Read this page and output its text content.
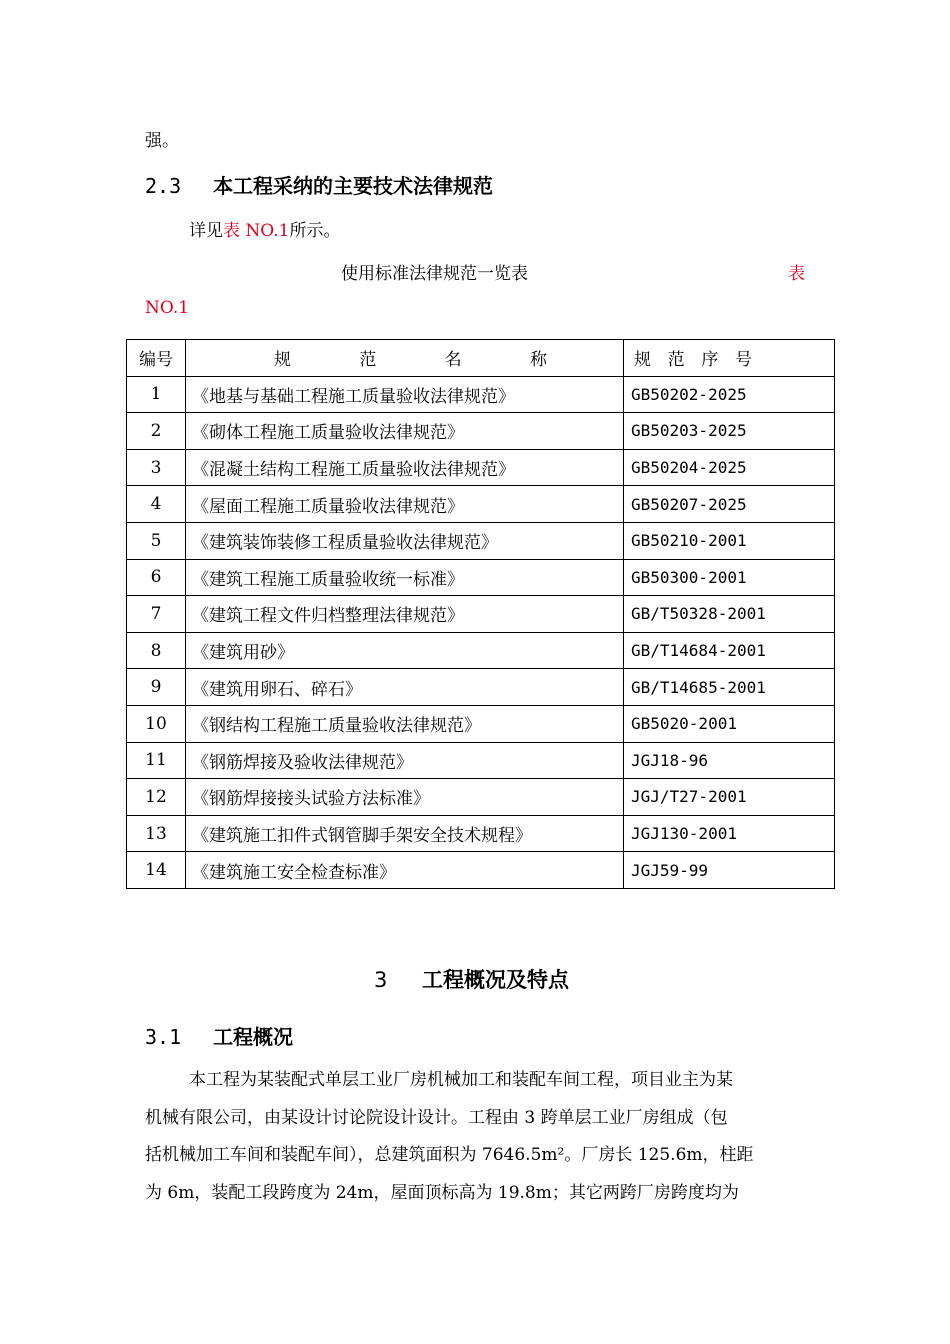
强。
2.3 本工程采纳的主要技术法律规范
详见表 NO.1所示。
使用标准法律规范一览表	表
NO.1
编号	规 范 名 称	规 范 序 号

1	《地基与基础工程施工质量验收法律规范》	GB50202-2025
2	《砌体工程施工质量验收法律规范》	GB50203-2025
3	《混凝土结构工程施工质量验收法律规范》	GB50204-2025
4	《屋面工程施工质量验收法律规范》	GB50207-2025
5	《建筑装饰装修工程质量验收法律规范》	GB50210-2001
6	《建筑工程施工质量验收统一标准》	GB50300-2001
7	《建筑工程文件归档整理法律规范》	GB/T50328-2001
8	《建筑用砂》	GB/T14684-2001
9	《建筑用卵石、碎石》	GB/T14685-2001
10	《钢结构工程施工质量验收法律规范》	GB5020-2001
11	《钢筋焊接及验收法律规范》	JGJ18-96
12	《钢筋焊接接头试验方法标准》	JGJ/T27-2001
13	《建筑施工扣件式钢管脚手架安全技术规程》	JGJ130-2001
14	《建筑施工安全检查标准》	JGJ59-99
3 工程概况及特点
3.1 工程概况
本工程为某装配式单层工业厂房机械加工和装配车间工程，项目业主为某
机械有限公司，由某设计讨论院设计设计。工程由 3 跨单层工业厂房组成（包
括机械加工车间和装配车间），总建筑面积为 7646.5m²。厂房长 125.6m，柱距
为 6m，装配工段跨度为 24m，屋面顶标高为 19.8m；其它两跨厂房跨度均为
